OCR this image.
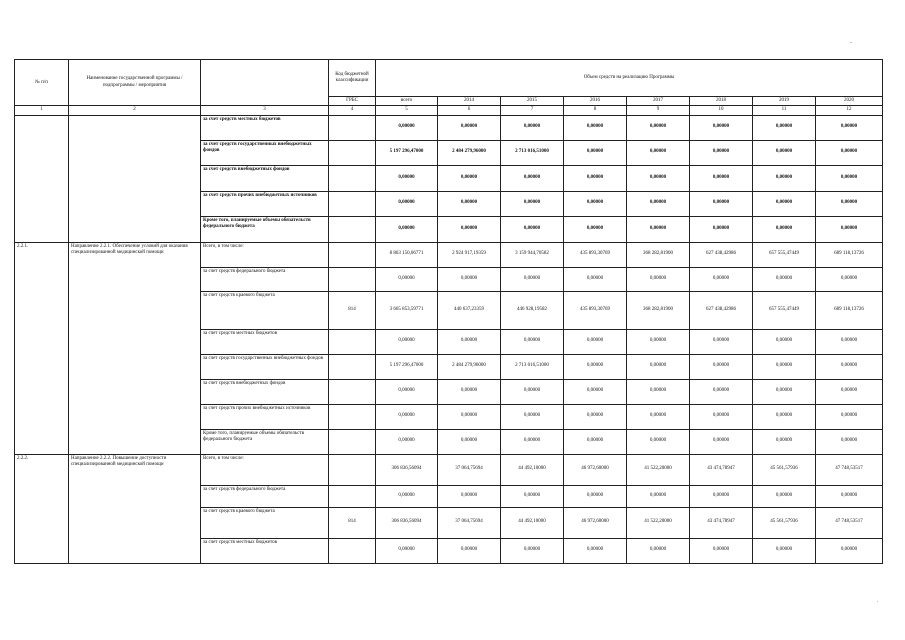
-
.
№ п/п	Наименование государственной программы / подпрограммы / мероприятия		Код бюджетной классификации	Объем средств на реализацию Программы							
			ГРБС	всего	2014	2015	2016	2017	2018	2019	2020
1	2	3	4	5	6	7	8	9	10	11	12
		за счет средств местных бюджетов		0,00000	0,00000	0,00000	0,00000	0,00000	0,00000	0,00000	0,00000
		за счет средств государственных внебюджетных фондов		5 197 296,47000	2 484 279,96000	2 713 016,51000	0,00000	0,00000	0,00000	0,00000	0,00000
		за счет средств внебюджетных фондов		0,00000	0,00000	0,00000	0,00000	0,00000	0,00000	0,00000	0,00000
		за счет средств прочих внебюджетных источников		0,00000	0,00000	0,00000	0,00000	0,00000	0,00000	0,00000	0,00000
		Кроме того, планируемые объемы обязательств федерального бюджета		0,00000	0,00000	0,00000	0,00000	0,00000	0,00000	0,00000	0,00000
2.2.1.	Направление 2.2.1. Обеспечение условий для оказания специализированной медицинской помощи	Всего, в том числе:		8 863 150,06771	2 924 917,19359	3 159 944,70582	435 893,30769	368 282,81900	627 438,42986	657 555,47449	689 118,13726
		за счет средств федерального бюджета		0,00000	0,00000	0,00000	0,00000	0,00000	0,00000	0,00000	0,00000
		за счет средств краевого бюджета	814	3 665 853,59771	440 637,23359	446 928,19582	435 893,30769	368 282,81900	627 438,42986	657 555,47449	689 118,13726
		за счет средств местных бюджетов		0,00000	0,00000	0,00000	0,00000	0,00000	0,00000	0,00000	0,00000
		за счет средств государственных внебюджетных фондов		5 197 296,47000	2 484 279,96000	2 713 016,51000	0,00000	0,00000	0,00000	0,00000	0,00000
		за счет средств внебюджетных фондов		0,00000	0,00000	0,00000	0,00000	0,00000	0,00000	0,00000	0,00000
		за счет средств прочих внебюджетных источников		0,00000	0,00000	0,00000	0,00000	0,00000	0,00000	0,00000	0,00000
		Кроме того, планируемые объемы обязательств федерального бюджета		0,00000	0,00000	0,00000	0,00000	0,00000	0,00000	0,00000	0,00000
2.2.2.	Направление 2.2.2. Повышение доступности специализированной медицинской помощи	Всего, в том числе:		306 836,56094	37 064,75694	44 492,10000	46 972,60000	41 522,20000	43 474,78947	45 561,57936	47 748,53517
		за счет средств федерального бюджета		0,00000	0,00000	0,00000	0,00000	0,00000	0,00000	0,00000	0,00000
		за счет средств краевого бюджета	814	306 836,56094	37 064,75694	44 492,10000	46 972,60000	41 522,20000	43 474,78947	45 561,57936	47 748,53517
		за счет средств местных бюджетов		0,00000	0,00000	0,00000	0,00000	0,00000	0,00000	0,00000	0,00000
